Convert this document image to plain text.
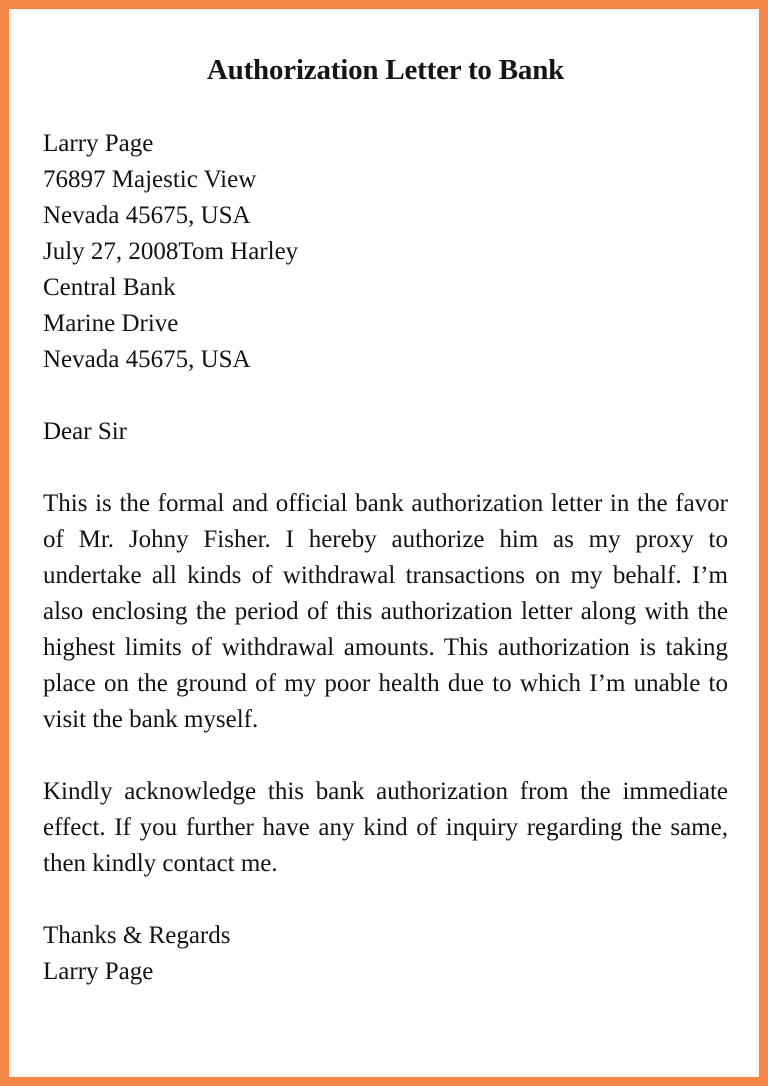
Authorization Letter to Bank
Larry Page
76897 Majestic View
Nevada 45675, USA
July 27, 2008Tom Harley
Central Bank
Marine Drive
Nevada 45675, USA

Dear Sir

This is the formal and official bank authorization letter in the favor of Mr. Johny Fisher. I hereby authorize him as my proxy to undertake all kinds of withdrawal transactions on my behalf. I’m also enclosing the period of this authorization letter along with the highest limits of withdrawal amounts. This authorization is taking place on the ground of my poor health due to which I’m unable to visit the bank myself.

Kindly acknowledge this bank authorization from the immediate effect. If you further have any kind of inquiry regarding the same, then kindly contact me.

Thanks & Regards
Larry Page
